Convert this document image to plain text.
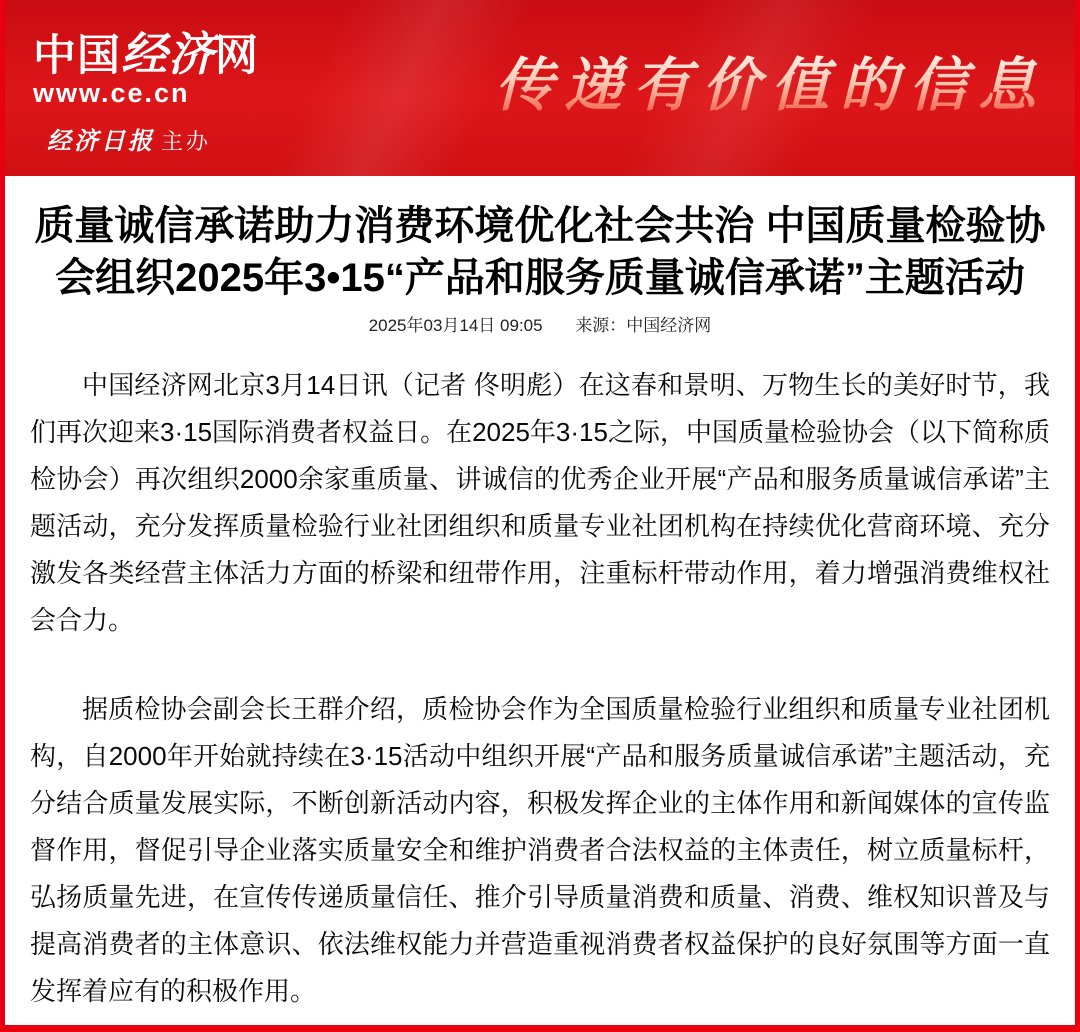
中国经济网
www.ce.cn
经济日报 主办
传递有价值的信息
质量诚信承诺助力消费环境优化社会共治 中国质量检验协
会组织2025年3•15“产品和服务质量诚信承诺”主题活动
2025年03月14日 09:05 来源：中国经济网

中国经济网北京3月14日讯（记者 佟明彪）在这春和景明、万物生长的美好时节，我们再次迎来3·15国际消费者权益日。在2025年3·15之际，中国质量检验协会（以下简称质检协会）再次组织2000余家重质量、讲诚信的优秀企业开展“产品和服务质量诚信承诺”主题活动，充分发挥质量检验行业社团组织和质量专业社团机构在持续优化营商环境、充分激发各类经营主体活力方面的桥梁和纽带作用，注重标杆带动作用，着力增强消费维权社会合力。

据质检协会副会长王群介绍，质检协会作为全国质量检验行业组织和质量专业社团机构，自2000年开始就持续在3·15活动中组织开展“产品和服务质量诚信承诺”主题活动，充分结合质量发展实际，不断创新活动内容，积极发挥企业的主体作用和新闻媒体的宣传监督作用，督促引导企业落实质量安全和维护消费者合法权益的主体责任，树立质量标杆，弘扬质量先进，在宣传传递质量信任、推介引导质量消费和质量、消费、维权知识普及与提高消费者的主体意识、依法维权能力并营造重视消费者权益保护的良好氛围等方面一直发挥着应有的积极作用。
